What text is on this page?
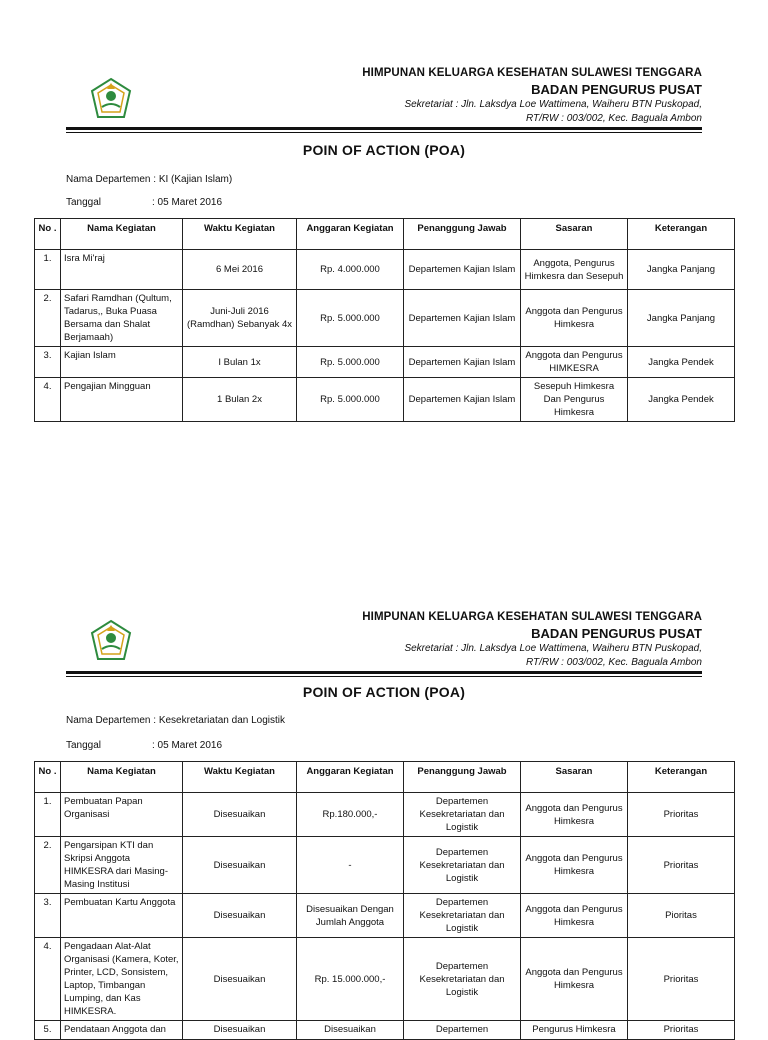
HIMPUNAN KELUARGA KESEHATAN SULAWESI TENGGARA
BADAN PENGURUS PUSAT
Sekretariat : Jln. Laksdya Loe Wattimena, Waiheru BTN Puskopad,
RT/RW : 003/002, Kec. Baguala Ambon
POIN OF ACTION (POA)
Nama Departemen : KI (Kajian Islam)
Tanggal	: 05 Maret 2016
No .	Nama Kegiatan	Waktu Kegiatan	Anggaran Kegiatan	Penanggung Jawab	Sasaran	Keterangan
1.	Isra Mi'raj	6 Mei 2016	Rp. 4.000.000	Departemen Kajian Islam	Anggota, Pengurus Himkesra dan Sesepuh	Jangka Panjang
2.	Safari Ramdhan (Qultum, Tadarus,, Buka Puasa Bersama dan Shalat Berjamaah)	Juni-Juli 2016 (Ramdhan) Sebanyak 4x	Rp. 5.000.000	Departemen Kajian Islam	Anggota dan Pengurus Himkesra	Jangka Panjang
3.	Kajian Islam	I Bulan 1x	Rp. 5.000.000	Departemen Kajian Islam	Anggota dan Pengurus HIMKESRA	Jangka Pendek
4.	Pengajian Mingguan	1 Bulan 2x	Rp. 5.000.000	Departemen Kajian Islam	Sesepuh Himkesra Dan Pengurus Himkesra	Jangka Pendek
HIMPUNAN KELUARGA KESEHATAN SULAWESI TENGGARA
BADAN PENGURUS PUSAT
Sekretariat : Jln. Laksdya Loe Wattimena, Waiheru BTN Puskopad,
RT/RW : 003/002, Kec. Baguala Ambon
POIN OF ACTION (POA)
Nama Departemen : Kesekretariatan dan Logistik
Tanggal	: 05 Maret 2016
No .	Nama Kegiatan	Waktu Kegiatan	Anggaran Kegiatan	Penanggung Jawab	Sasaran	Keterangan
1.	Pembuatan Papan Organisasi	Disesuaikan	Rp.180.000,-	Departemen Kesekretariatan dan Logistik	Anggota dan Pengurus Himkesra	Prioritas
2.	Pengarsipan KTI dan Skripsi Anggota HIMKESRA dari Masing-Masing Institusi	Disesuaikan	-	Departemen Kesekretariatan dan Logistik	Anggota dan Pengurus Himkesra	Prioritas
3.	Pembuatan Kartu Anggota	Disesuaikan	Disesuaikan Dengan Jumlah Anggota	Departemen Kesekretariatan dan Logistik	Anggota dan Pengurus Himkesra	Pioritas
4.	Pengadaan Alat-Alat Organisasi (Kamera, Koter, Printer, LCD, Sonsistem, Laptop, Timbangan Lumping, dan Kas HIMKESRA.	Disesuaikan	Rp. 15.000.000,-	Departemen Kesekretariatan dan Logistik	Anggota dan Pengurus Himkesra	Prioritas
5.	Pendataan Anggota dan	Disesuaikan	Disesuaikan	Departemen	Pengurus Himkesra	Prioritas
